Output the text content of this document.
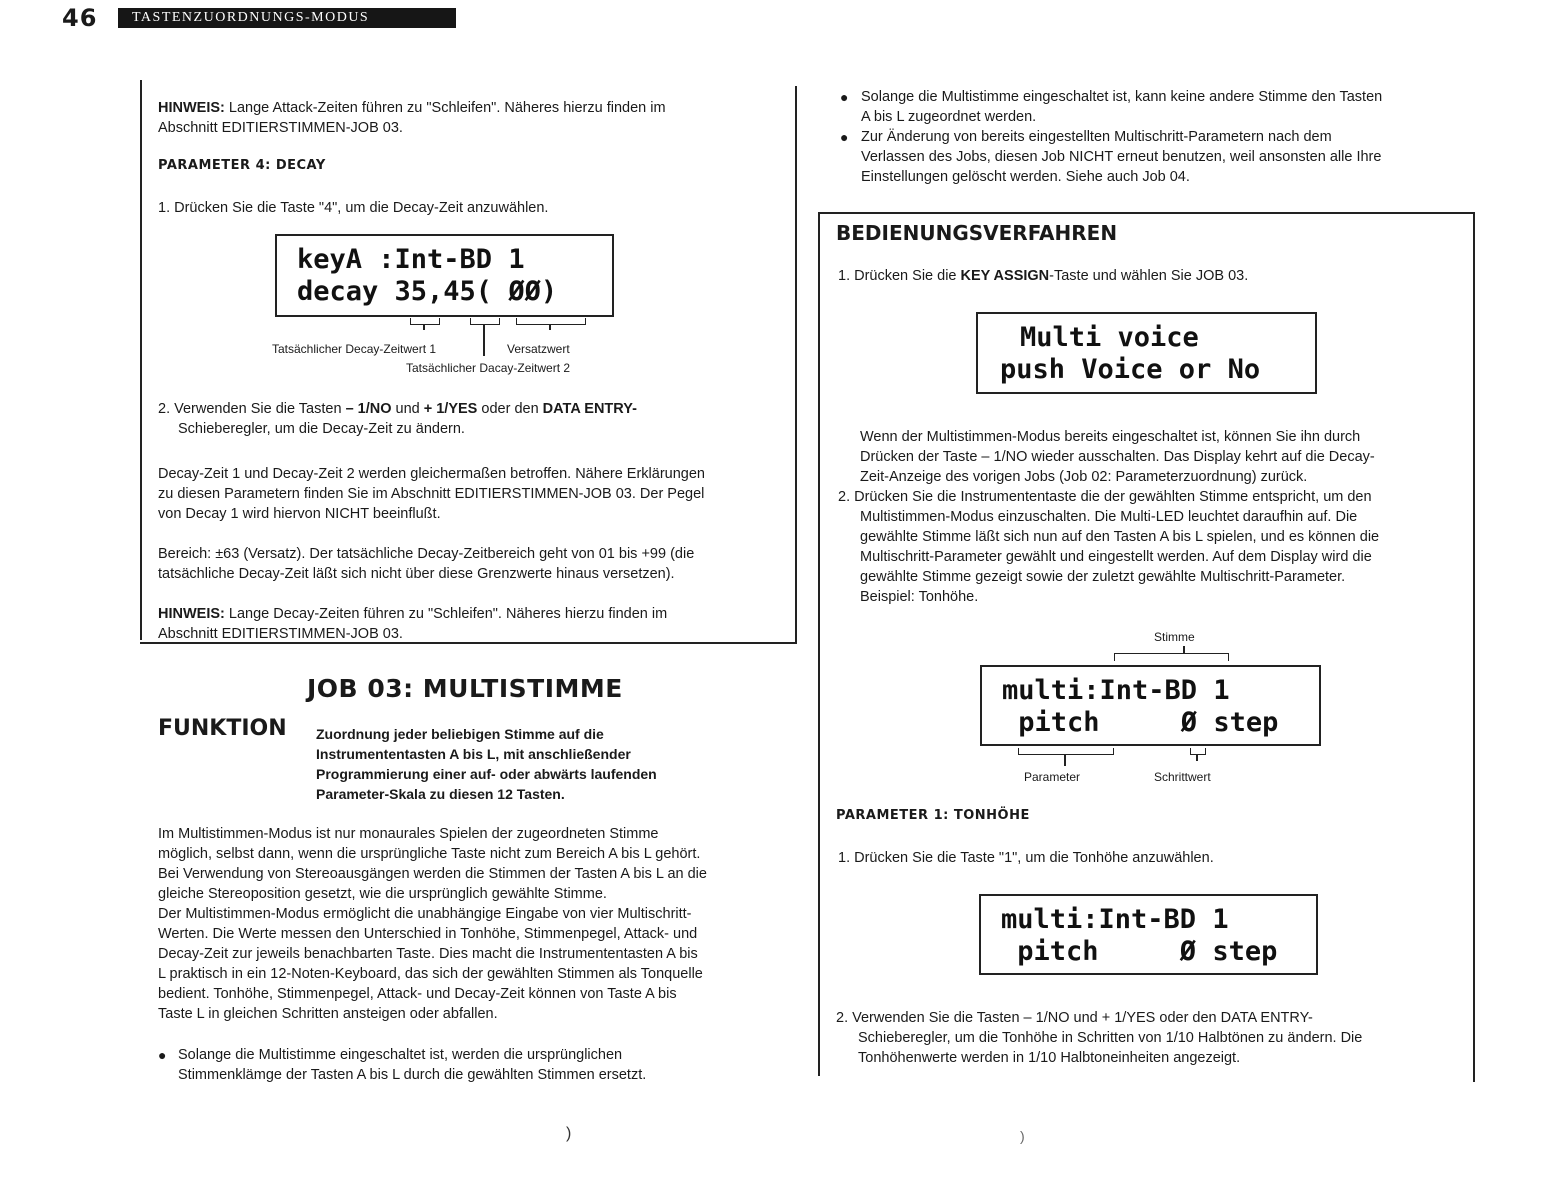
46	TASTENZUORDNUNGS-MODUS
HINWEIS: Lange Attack-Zeiten führen zu "Schleifen". Näheres hierzu finden im
Abschnitt EDITIERSTIMMEN-JOB 03.
PARAMETER 4: DECAY
1. Drücken Sie die Taste "4", um die Decay-Zeit anzuwählen.
keyA :Int-BD 1
decay 35,45( ØØ)
Tatsächlicher Decay-Zeitwert 1	Versatzwert
Tatsächlicher Dacay-Zeitwert 2
2. Verwenden Sie die Tasten – 1/NO und + 1/YES oder den DATA ENTRY-
Schieberegler, um die Decay-Zeit zu ändern.
Decay-Zeit 1 und Decay-Zeit 2 werden gleichermaßen betroffen. Nähere Erklärungen
zu diesen Parametern finden Sie im Abschnitt EDITIERSTIMMEN-JOB 03. Der Pegel
von Decay 1 wird hiervon NICHT beeinflußt.
Bereich: ±63 (Versatz). Der tatsächliche Decay-Zeitbereich geht von 01 bis +99 (die
tatsächliche Decay-Zeit läßt sich nicht über diese Grenzwerte hinaus versetzen).
HINWEIS: Lange Decay-Zeiten führen zu "Schleifen". Näheres hierzu finden im
Abschnitt EDITIERSTIMMEN-JOB 03.
JOB 03: MULTISTIMME
FUNKTION Zuordnung jeder beliebigen Stimme auf die
Instrumententasten A bis L, mit anschließender
Programmierung einer auf- oder abwärts laufenden
Parameter-Skala zu diesen 12 Tasten.
Im Multistimmen-Modus ist nur monaurales Spielen der zugeordneten Stimme
möglich, selbst dann, wenn die ursprüngliche Taste nicht zum Bereich A bis L gehört.
Bei Verwendung von Stereoausgängen werden die Stimmen der Tasten A bis L an die
gleiche Stereoposition gesetzt, wie die ursprünglich gewählte Stimme.
Der Multistimmen-Modus ermöglicht die unabhängige Eingabe von vier Multischritt-
Werten. Die Werte messen den Unterschied in Tonhöhe, Stimmenpegel, Attack- und
Decay-Zeit zur jeweils benachbarten Taste. Dies macht die Instrumententasten A bis
L praktisch in ein 12-Noten-Keyboard, das sich der gewählten Stimmen als Tonquelle
bedient. Tonhöhe, Stimmenpegel, Attack- und Decay-Zeit können von Taste A bis
Taste L in gleichen Schritten ansteigen oder abfallen.
● Solange die Multistimme eingeschaltet ist, werden die ursprünglichen
Stimmenklämge der Tasten A bis L durch die gewählten Stimmen ersetzt.
● Solange die Multistimme eingeschaltet ist, kann keine andere Stimme den Tasten
A bis L zugeordnet werden.
● Zur Änderung von bereits eingestellten Multischritt-Parametern nach dem
Verlassen des Jobs, diesen Job NICHT erneut benutzen, weil ansonsten alle Ihre
Einstellungen gelöscht werden. Siehe auch Job 04.
BEDIENUNGSVERFAHREN
1. Drücken Sie die KEY ASSIGN-Taste und wählen Sie JOB 03.
Multi voice
push Voice or No
Wenn der Multistimmen-Modus bereits eingeschaltet ist, können Sie ihn durch
Drücken der Taste – 1/NO wieder ausschalten. Das Display kehrt auf die Decay-
Zeit-Anzeige des vorigen Jobs (Job 02: Parameterzuordnung) zurück.
2. Drücken Sie die Instrumententaste die der gewählten Stimme entspricht, um den
Multistimmen-Modus einzuschalten. Die Multi-LED leuchtet daraufhin auf. Die
gewählte Stimme läßt sich nun auf den Tasten A bis L spielen, und es können die
Multischritt-Parameter gewählt und eingestellt werden. Auf dem Display wird die
gewählte Stimme gezeigt sowie der zuletzt gewählte Multischritt-Parameter.
Beispiel: Tonhöhe.
Stimme
multi:Int-BD 1
pitch     Ø step
Parameter	Schrittwert
PARAMETER 1: TONHÖHE
1. Drücken Sie die Taste "1", um die Tonhöhe anzuwählen.
multi:Int-BD 1
pitch     Ø step
2. Verwenden Sie die Tasten – 1/NO und + 1/YES oder den DATA ENTRY-
Schieberegler, um die Tonhöhe in Schritten von 1/10 Halbtönen zu ändern. Die
Tonhöhenwerte werden in 1/10 Halbtoneinheiten angezeigt.
)	)
